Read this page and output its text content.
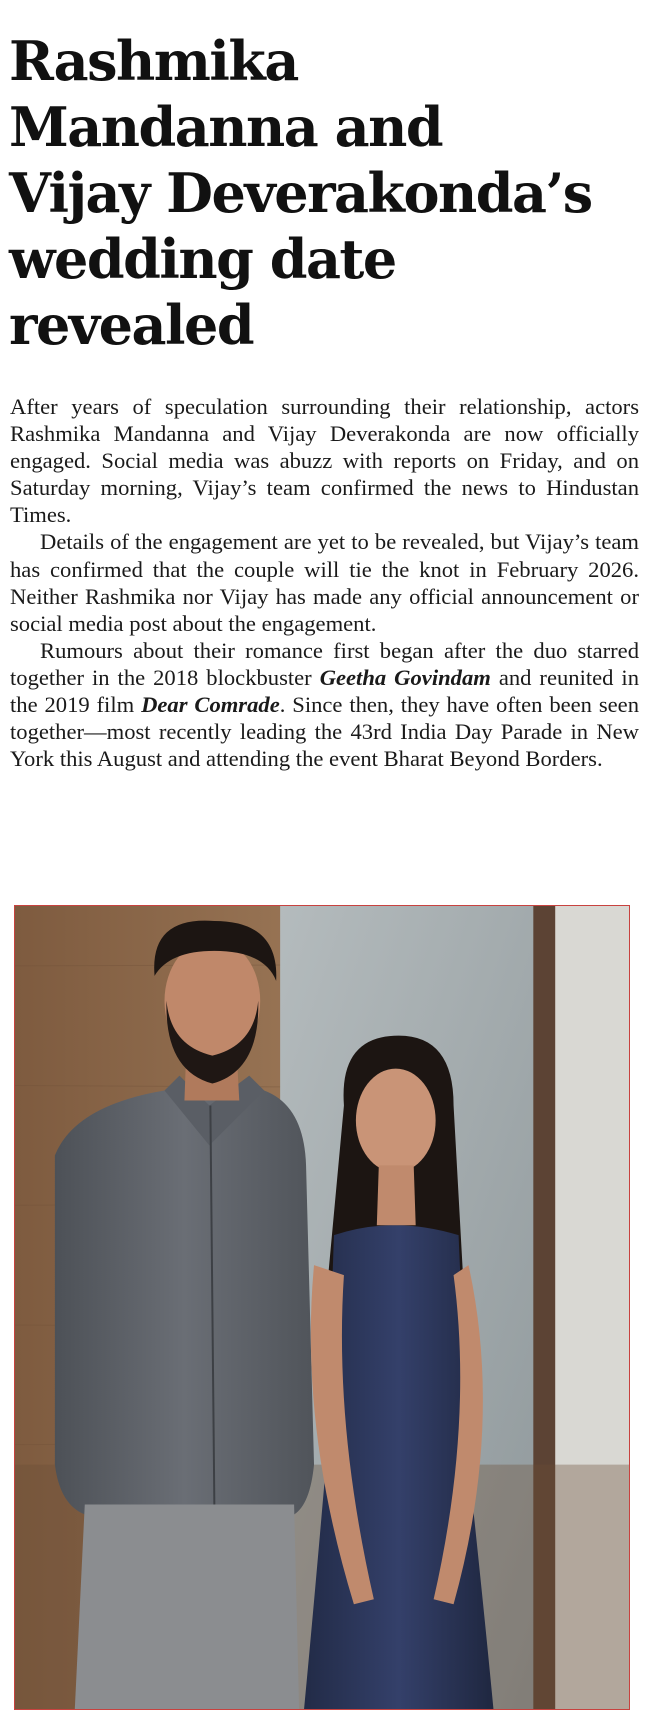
Rashmika
Mandanna and
Vijay Deverakonda’s
wedding date
revealed

After years of speculation surrounding their relationship, actors Rashmika Mandanna and Vijay Deverakonda are now officially engaged. Social media was abuzz with reports on Friday, and on Saturday morning, Vijay’s team confirmed the news to Hindustan Times.

Details of the engagement are yet to be revealed, but Vijay’s team has confirmed that the couple will tie the knot in February 2026. Neither Rashmika nor Vijay has made any official announcement or social media post about the engagement.

Rumours about their romance first began after the duo starred together in the 2018 blockbuster Geetha Govindam and reunited in the 2019 film Dear Comrade. Since then, they have often been seen together—most recently leading the 43rd India Day Parade in New York this August and attending the event Bharat Beyond Borders.
